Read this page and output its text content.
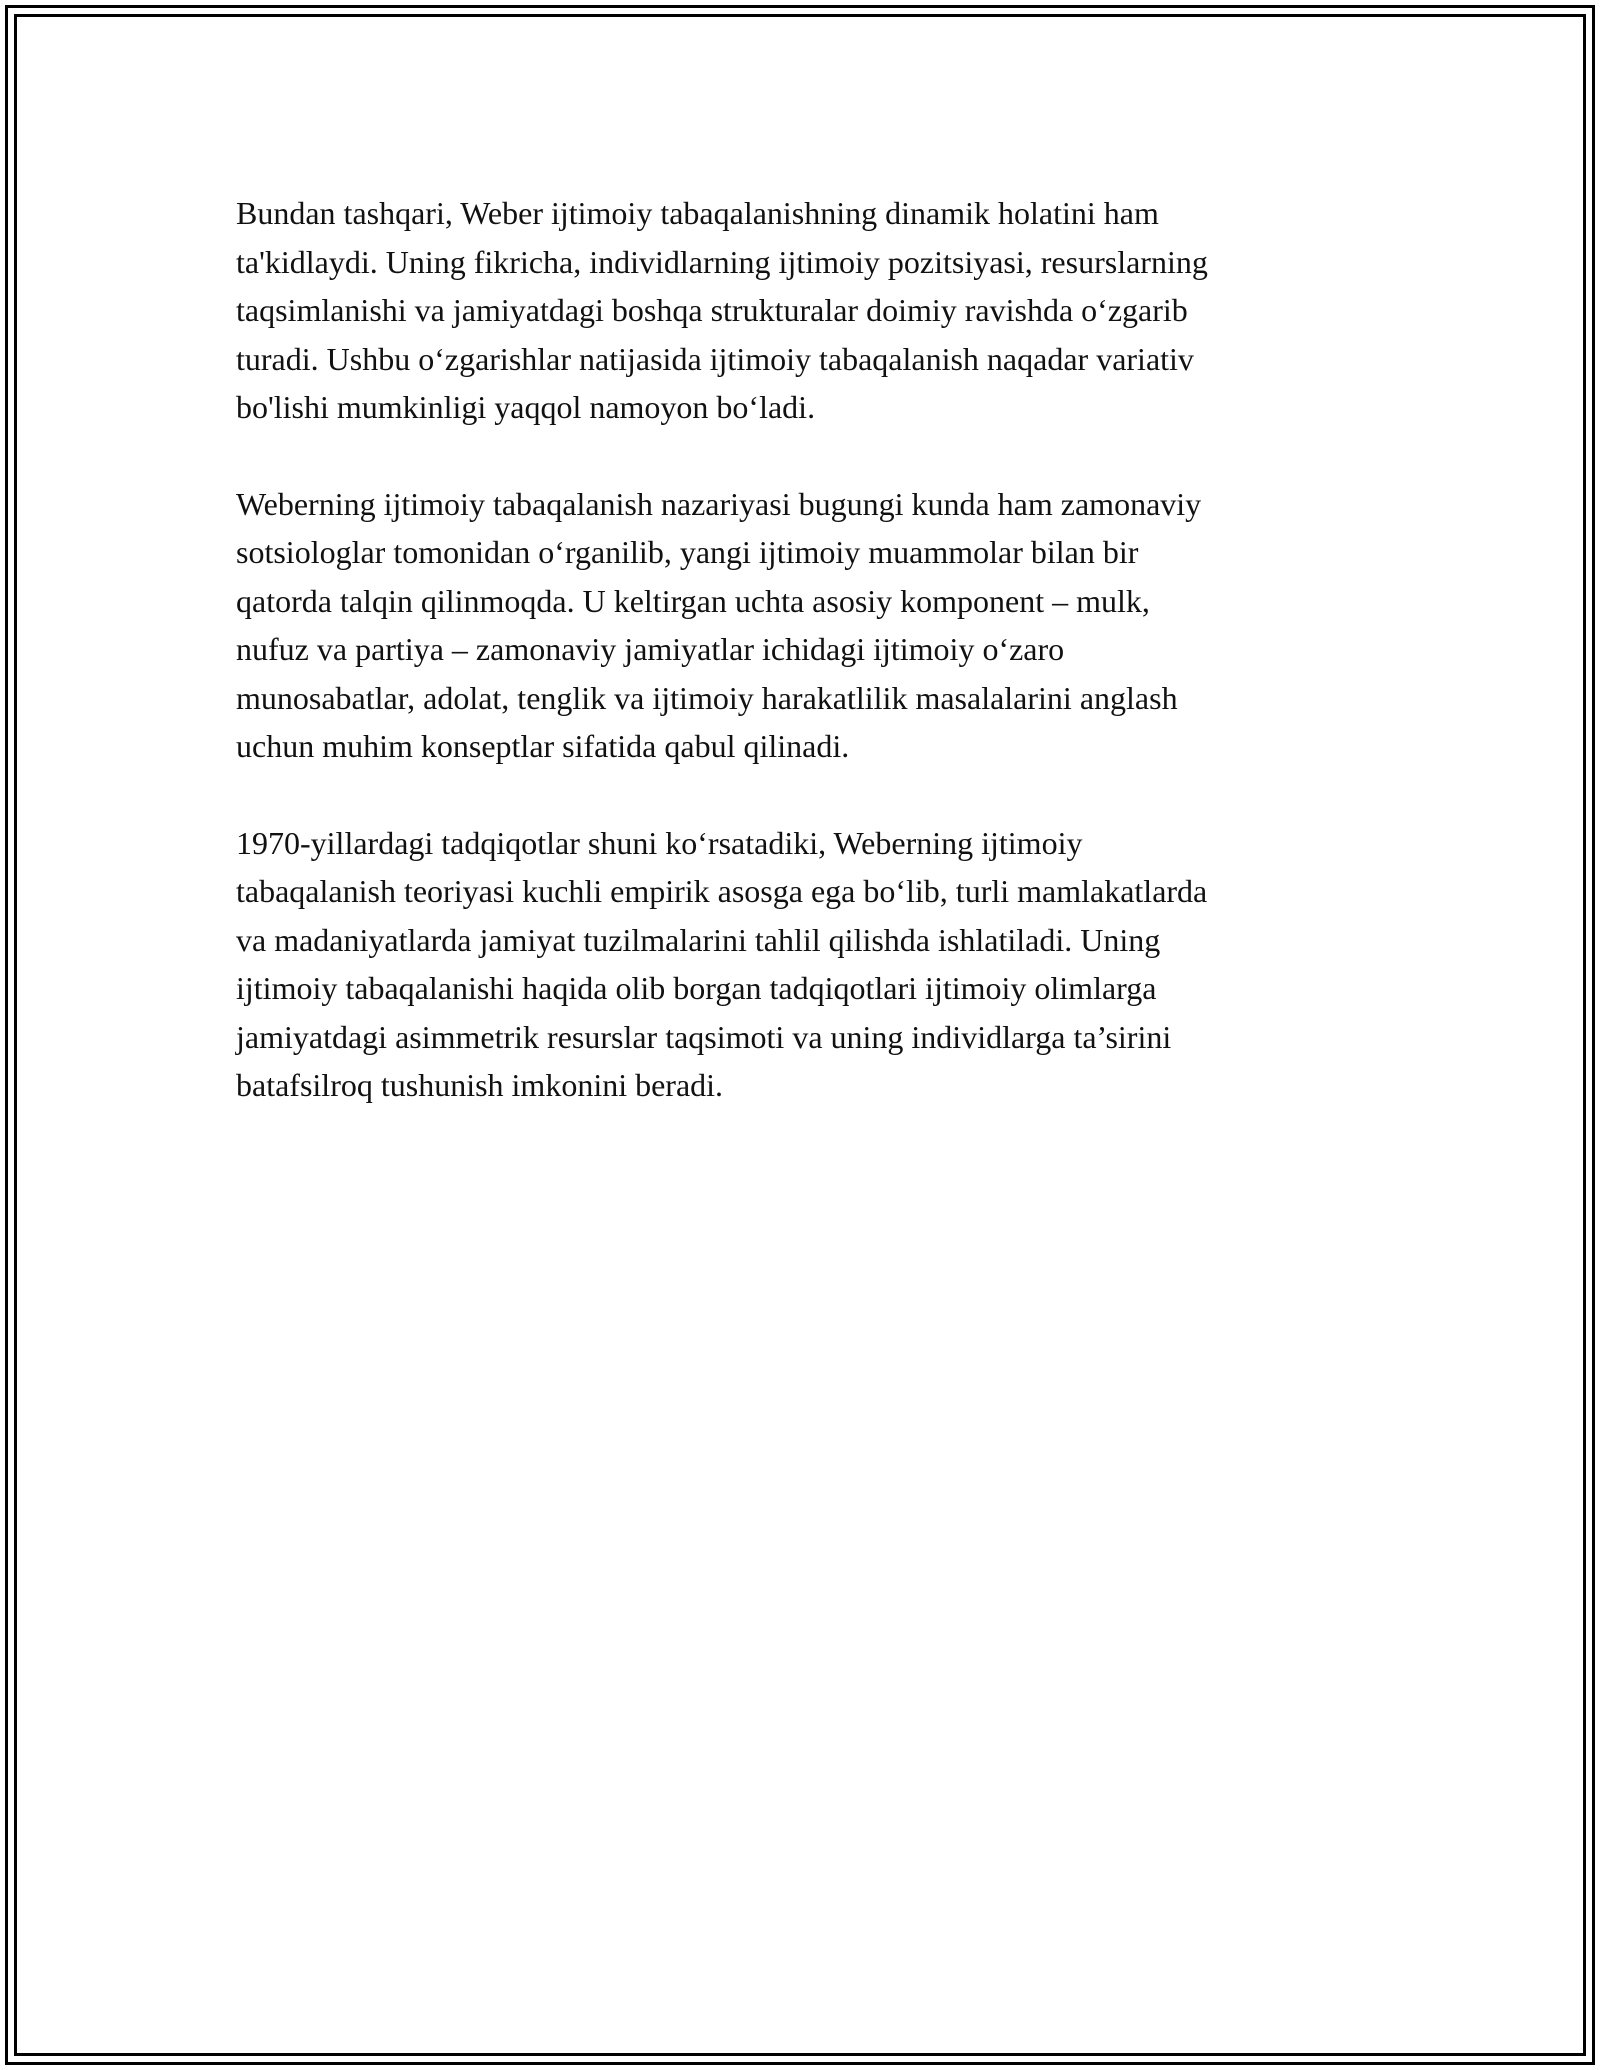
Bundan tashqari, Weber ijtimoiy tabaqalanishning dinamik holatini ham
ta'kidlaydi. Uning fikricha, individlarning ijtimoiy pozitsiyasi, resurslarning
taqsimlanishi va jamiyatdagi boshqa strukturalar doimiy ravishda o‘zgarib
turadi. Ushbu o‘zgarishlar natijasida ijtimoiy tabaqalanish naqadar variativ
bo'lishi mumkinligi yaqqol namoyon bo‘ladi.

Weberning ijtimoiy tabaqalanish nazariyasi bugungi kunda ham zamonaviy
sotsiologlar tomonidan o‘rganilib, yangi ijtimoiy muammolar bilan bir
qatorda talqin qilinmoqda. U keltirgan uchta asosiy komponent – mulk,
nufuz va partiya – zamonaviy jamiyatlar ichidagi ijtimoiy o‘zaro
munosabatlar, adolat, tenglik va ijtimoiy harakatlilik masalalarini anglash
uchun muhim konseptlar sifatida qabul qilinadi.

1970-yillardagi tadqiqotlar shuni ko‘rsatadiki, Weberning ijtimoiy
tabaqalanish teoriyasi kuchli empirik asosga ega bo‘lib, turli mamlakatlarda
va madaniyatlarda jamiyat tuzilmalarini tahlil qilishda ishlatiladi. Uning
ijtimoiy tabaqalanishi haqida olib borgan tadqiqotlari ijtimoiy olimlarga
jamiyatdagi asimmetrik resurslar taqsimoti va uning individlarga ta’sirini
batafsilroq tushunish imkonini beradi.
